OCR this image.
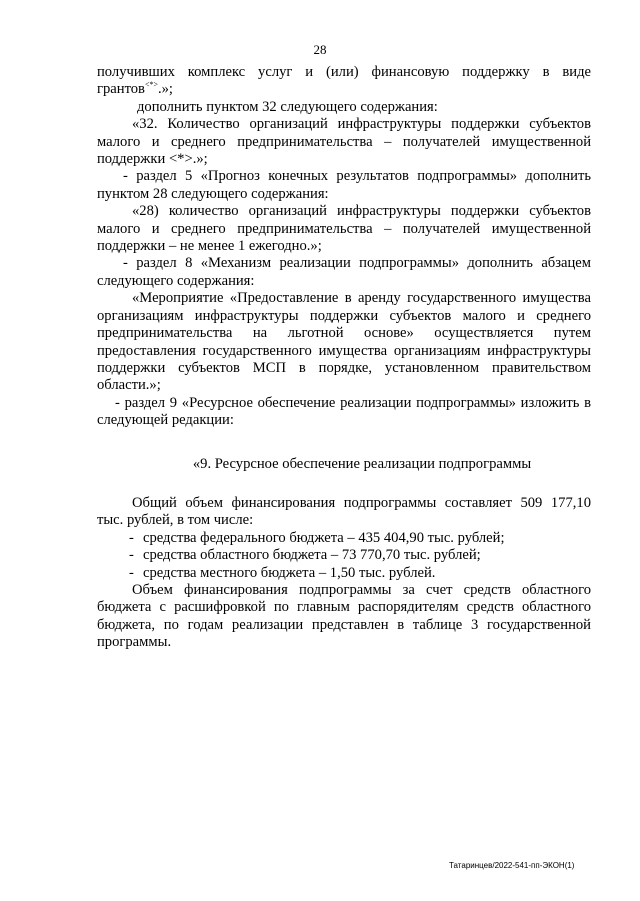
28

получивших комплекс услуг и (или) финансовую поддержку в виде грантов<*>.»;

дополнить пунктом 32 следующего содержания:

«32. Количество организаций инфраструктуры поддержки субъектов малого и среднего предпринимательства – получателей имущественной поддержки <*>.»;

- раздел 5 «Прогноз конечных результатов подпрограммы» дополнить пунктом 28 следующего содержания:

«28) количество организаций инфраструктуры поддержки субъектов малого и среднего предпринимательства – получателей имущественной поддержки – не менее 1 ежегодно.»;

- раздел 8 «Механизм реализации подпрограммы» дополнить абзацем следующего содержания:

«Мероприятие «Предоставление в аренду государственного имущества организациям инфраструктуры поддержки субъектов малого и среднего предпринимательства на льготной основе» осуществляется путем предоставления государственного имущества организациям инфраструктуры поддержки субъектов МСП в порядке, установленном правительством области.»;

- раздел 9 «Ресурсное обеспечение реализации подпрограммы» изложить в следующей редакции:

«9. Ресурсное обеспечение реализации подпрограммы

Общий объем финансирования подпрограммы составляет 509 177,10 тыс. рублей, в том числе:

- средства федерального бюджета – 435 404,90 тыс. рублей;
- средства областного бюджета – 73 770,70 тыс. рублей;
- средства местного бюджета – 1,50 тыс. рублей.

Объем финансирования подпрограммы за счет средств областного бюджета с расшифровкой по главным распорядителям средств областного бюджета, по годам реализации представлен в таблице 3 государственной программы.

Татаринцев/2022-541-пп-ЭКОН(1)
